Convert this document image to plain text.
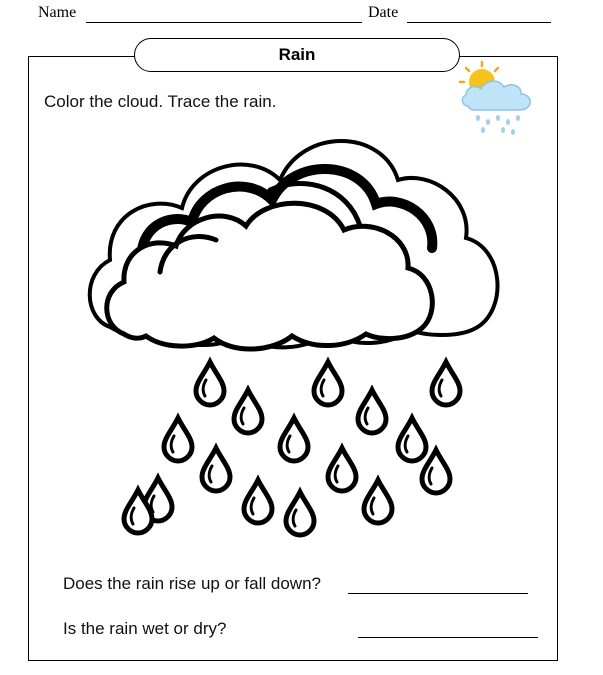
Name	Date
Rain
Color the cloud. Trace the rain.
Does the rain rise up or fall down?
Is the rain wet or dry?
